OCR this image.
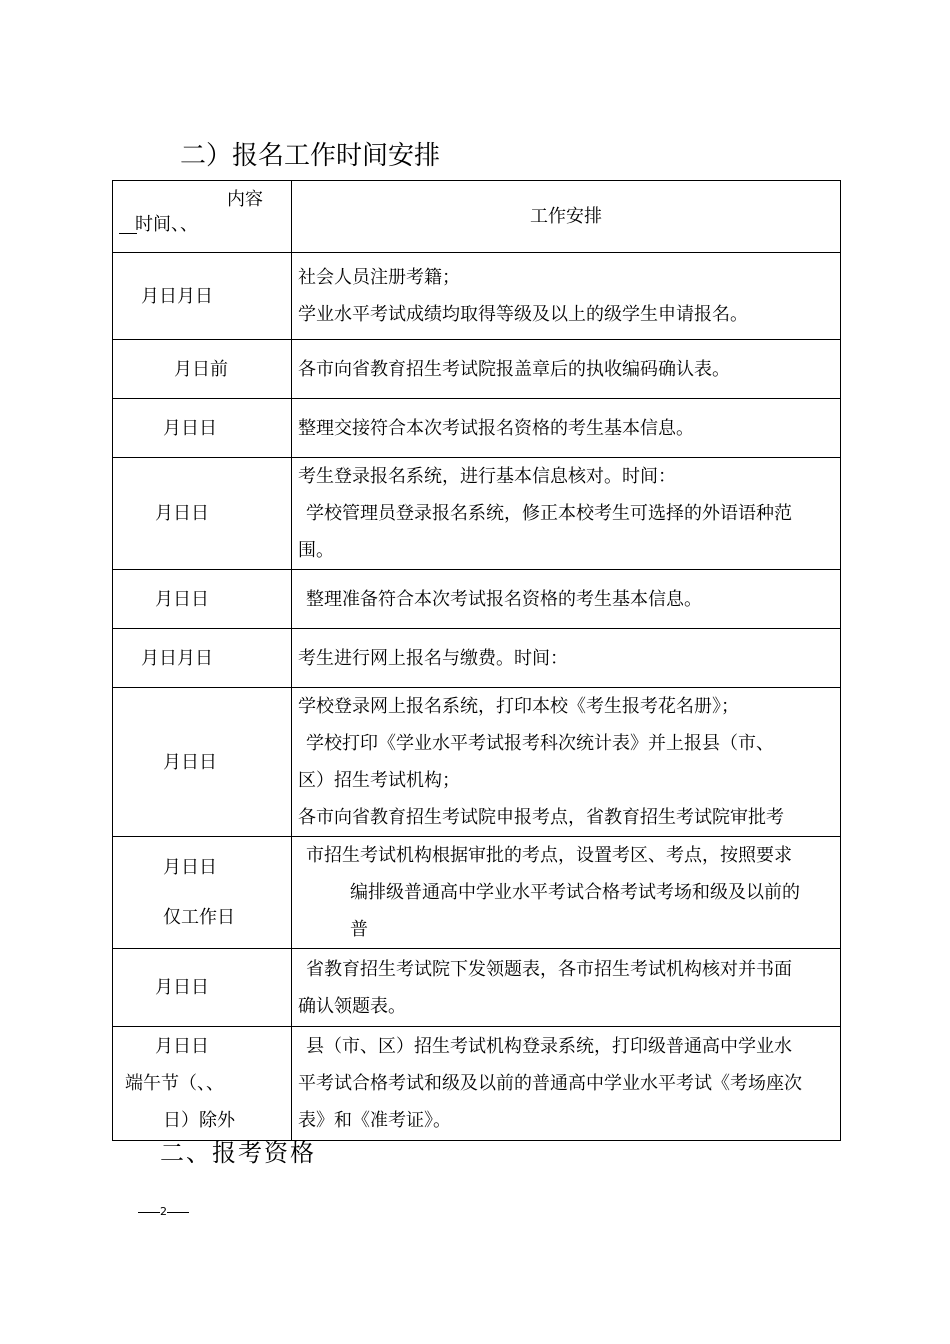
二）报名工作时间安排
内容
时间、、	工作安排

月日月日	社会人员注册考籍；
学业水平考试成绩均取得等级及以上的级学生申请报名。

月日前	各市向省教育招生考试院报盖章后的执收编码确认表。

月日日	整理交接符合本次考试报名资格的考生基本信息。

月日日	考生登录报名系统，进行基本信息核对。时间：
学校管理员登录报名系统，修正本校考生可选择的外语语种范
围。

月日日	整理准备符合本次考试报名资格的考生基本信息。

月日月日	考生进行网上报名与缴费。时间：

月日日	学校登录网上报名系统，打印本校《考生报考花名册》；
学校打印《学业水平考试报考科次统计表》并上报县（市、
区）招生考试机构；
各市向省教育招生考试院申报考点，省教育招生考试院审批考

月日日
仅工作日	市招生考试机构根据审批的考点，设置考区、考点，按照要求
编排级普通高中学业水平考试合格考试考场和级及以前的
普

月日日	省教育招生考试院下发领题表，各市招生考试机构核对并书面
确认领题表。

月日日
端午节（、、
日）除外	县（市、区）招生考试机构登录系统，打印级普通高中学业水
平考试合格考试和级及以前的普通高中学业水平考试《考场座次
表》和《准考证》。
二、报考资格
2
